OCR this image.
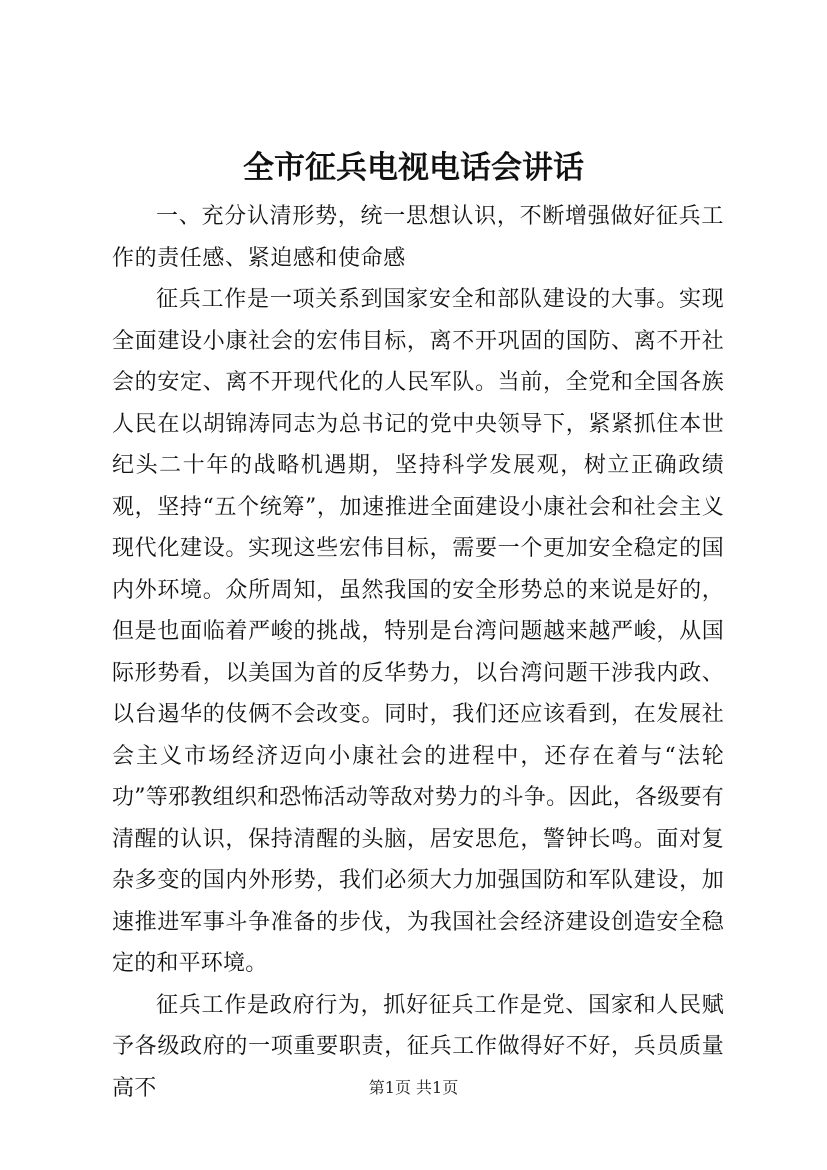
全市征兵电视电话会讲话

一、充分认清形势，统一思想认识，不断增强做好征兵工作的责任感、紧迫感和使命感

征兵工作是一项关系到国家安全和部队建设的大事。实现全面建设小康社会的宏伟目标，离不开巩固的国防、离不开社会的安定、离不开现代化的人民军队。当前，全党和全国各族人民在以胡锦涛同志为总书记的党中央领导下，紧紧抓住本世纪头二十年的战略机遇期，坚持科学发展观，树立正确政绩观，坚持“五个统筹”，加速推进全面建设小康社会和社会主义现代化建设。实现这些宏伟目标，需要一个更加安全稳定的国内外环境。众所周知，虽然我国的安全形势总的来说是好的，但是也面临着严峻的挑战，特别是台湾问题越来越严峻，从国际形势看，以美国为首的反华势力，以台湾问题干涉我内政、以台遏华的伎俩不会改变。同时，我们还应该看到，在发展社会主义市场经济迈向小康社会的进程中，还存在着与“法轮功”等邪教组织和恐怖活动等敌对势力的斗争。因此，各级要有清醒的认识，保持清醒的头脑，居安思危，警钟长鸣。面对复杂多变的国内外形势，我们必须大力加强国防和军队建设，加速推进军事斗争准备的步伐，为我国社会经济建设创造安全稳定的和平环境。

征兵工作是政府行为，抓好征兵工作是党、国家和人民赋予各级政府的一项重要职责，征兵工作做得好不好，兵员质量高不	第1页 共1页
